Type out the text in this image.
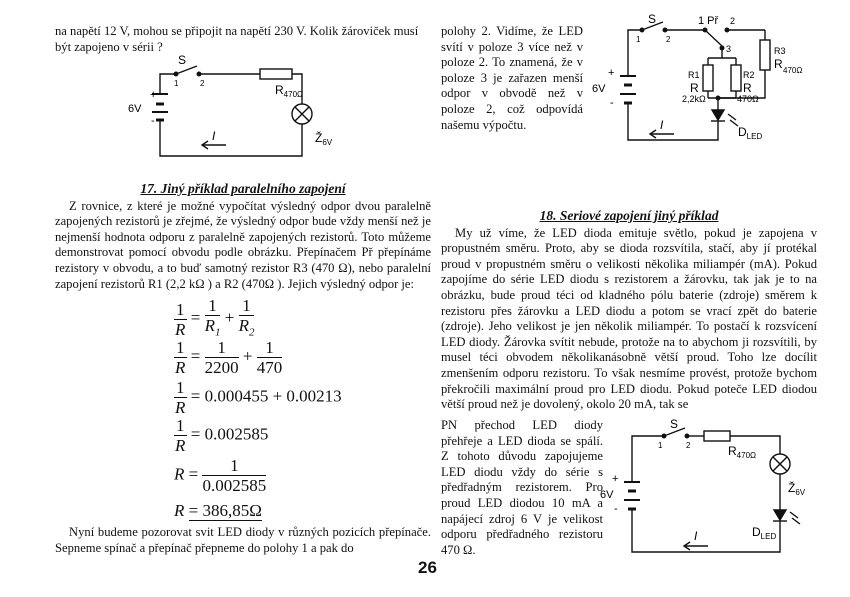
na napětí 12 V, mohou se připojit na napětí 230 V. Kolik žároviček musí

být zapojeno v sérii ?

S
1	2	$R_{470\Omega}$
+
6V
-
$Ž_{6V}$
I

17. Jiný příklad paralelního zapojení

Z rovnice, z které je možné vypočítat výsledný odpor dvou paralelně zapojených rezistorů je zřejmé, že výsledný odpor bude vždy menší než je nejmenší hodnota odporu z paralelně zapojených rezistorů. Toto můžeme demonstrovat pomocí obvodu podle obrázku. Přepínačem Př přepínáme rezistory v obvodu, a to buď samotný rezistor R3 (470 Ω), nebo paralelní zapojení rezistorů R1 (2,2 kΩ ) a R2 (470Ω ). Jejich výsledný odpor je:

$\frac{1}{R} = \frac{1}{R_1} + \frac{1}{R_2}$
$\frac{1}{R} = \frac{1}{2200} + \frac{1}{470}$
$\frac{1}{R} = 0.000455 + 0.00213$
$\frac{1}{R} = 0.002585$
$R = \frac{1}{0.002585}$
R = 386,85Ω

Nyní budeme pozorovat svit LED diody v různých pozicích přepínače. Sepneme spínač a přepínač přepneme do polohy 1 a pak do

polohy 2. Vidíme, že LED svítí v poloze 3 více než v poloze 2. To znamená, že v poloze 3 je zařazen menší odpor v obvodě než v poloze 2, což odpovídá našemu výpočtu.

S
1	2
1 Př 2
3
R1
R
2,2kΩ
R2
R
470Ω
R3
R 470Ω
+
6V
-
$D_{LED}$
I

18. Seriové zapojení jiný příklad

My už víme, že LED dioda emituje světlo, pokud je zapojena v propustném směru. Proto, aby se dioda rozsvítila, stačí, aby jí protékal proud v propustném směru o velikosti několika miliampér (mA). Pokud zapojíme do série LED diodu s rezistorem a žárovku, tak jak je to na obrázku, bude proud téci od kladného pólu baterie (zdroje) směrem k rezistoru přes žárovku a LED diodu a potom se vrací zpět do baterie (zdroje). Jeho velikost je jen několik miliampér. To postačí k rozsvícení LED diody. Žárovka svítit nebude, protože na to abychom ji rozsvítili, by musel téci obvodem několikanásobně větší proud. Toho lze docílit zmenšením odporu rezistoru. To však nesmíme provést, protože bychom překročili maximální proud pro LED diodu. Pokud poteče LED diodou větší proud než je dovolený, okolo 20 mA, tak se

PN přechod LED diody přehřeje a LED dioda se spálí. Z tohoto důvodu zapojujeme LED diodu vždy do série s předřadným rezistorem. Pro proud LED diodou 10 mA a napájecí zdroj 6 V je velikost odporu předřadného rezistoru 470 Ω.

S
1	2	$R_{470\Omega}$
+
6V
-
$Ž_{6V}$
$D_{LED}$
I
26
